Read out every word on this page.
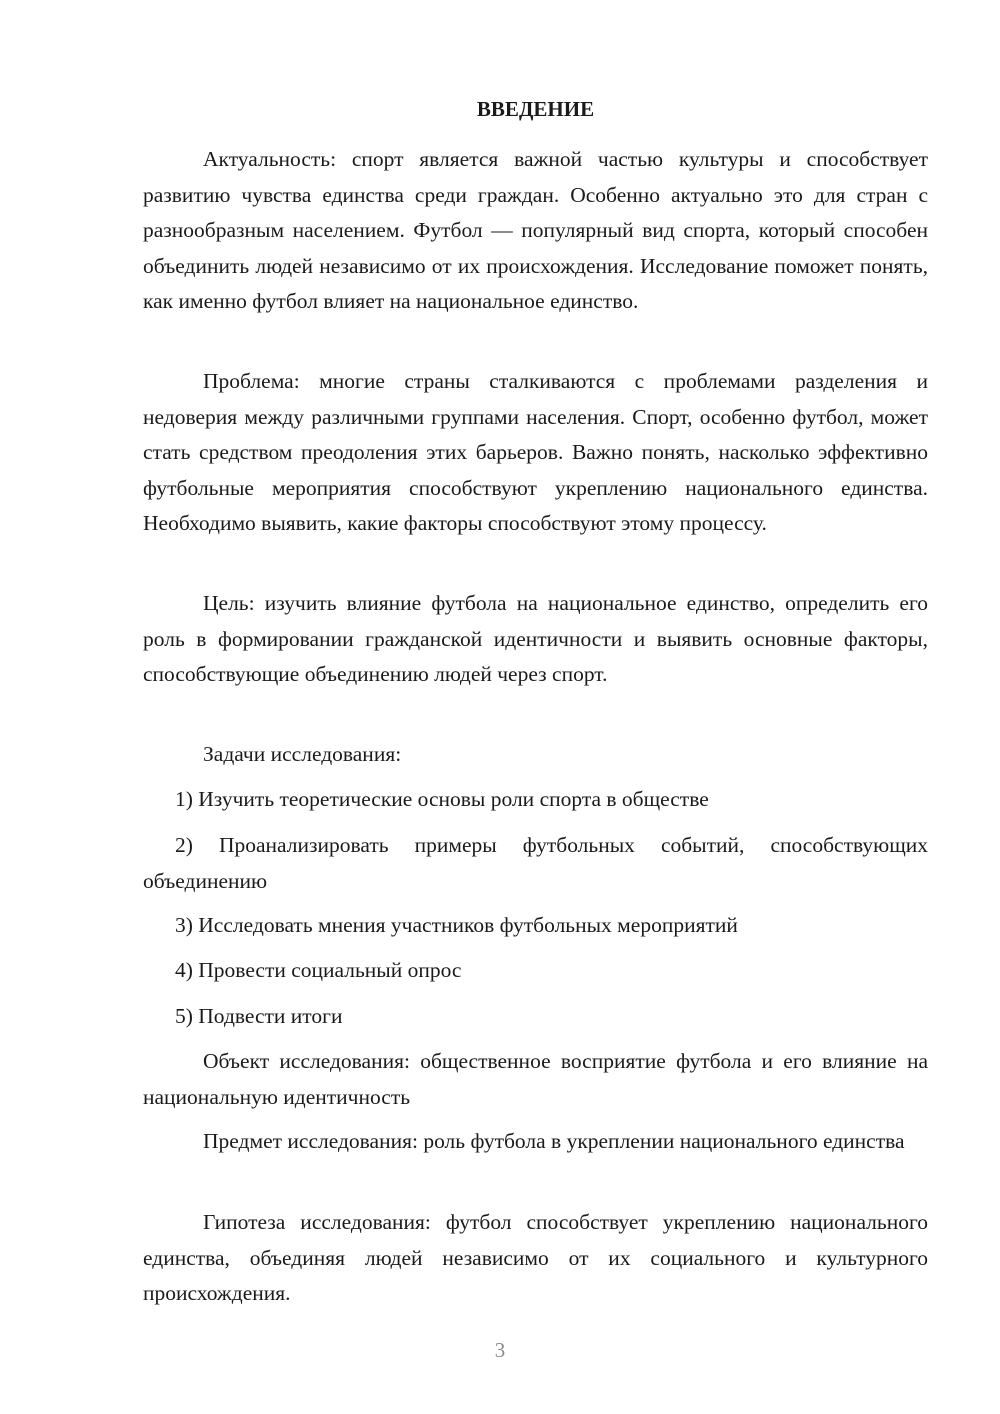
ВВЕДЕНИЕ

Актуальность: спорт является важной частью культуры и способствует развитию чувства единства среди граждан. Особенно актуально это для стран с разнообразным населением. Футбол — популярный вид спорта, который способен объединить людей независимо от их происхождения. Исследование поможет понять, как именно футбол влияет на национальное единство.

Проблема: многие страны сталкиваются с проблемами разделения и недоверия между различными группами населения. Спорт, особенно футбол, может стать средством преодоления этих барьеров. Важно понять, насколько эффективно футбольные мероприятия способствуют укреплению национального единства. Необходимо выявить, какие факторы способствуют этому процессу.

Цель: изучить влияние футбола на национальное единство, определить его роль в формировании гражданской идентичности и выявить основные факторы, способствующие объединению людей через спорт.

Задачи исследования:

1) Изучить теоретические основы роли спорта в обществе

2) Проанализировать примеры футбольных событий, способствующих объединению

3) Исследовать мнения участников футбольных мероприятий

4) Провести социальный опрос

5) Подвести итоги

Объект исследования: общественное восприятие футбола и его влияние на национальную идентичность

Предмет исследования: роль футбола в укреплении национального единства

Гипотеза исследования: футбол способствует укреплению национального единства, объединяя людей независимо от их социального и культурного происхождения.

3
